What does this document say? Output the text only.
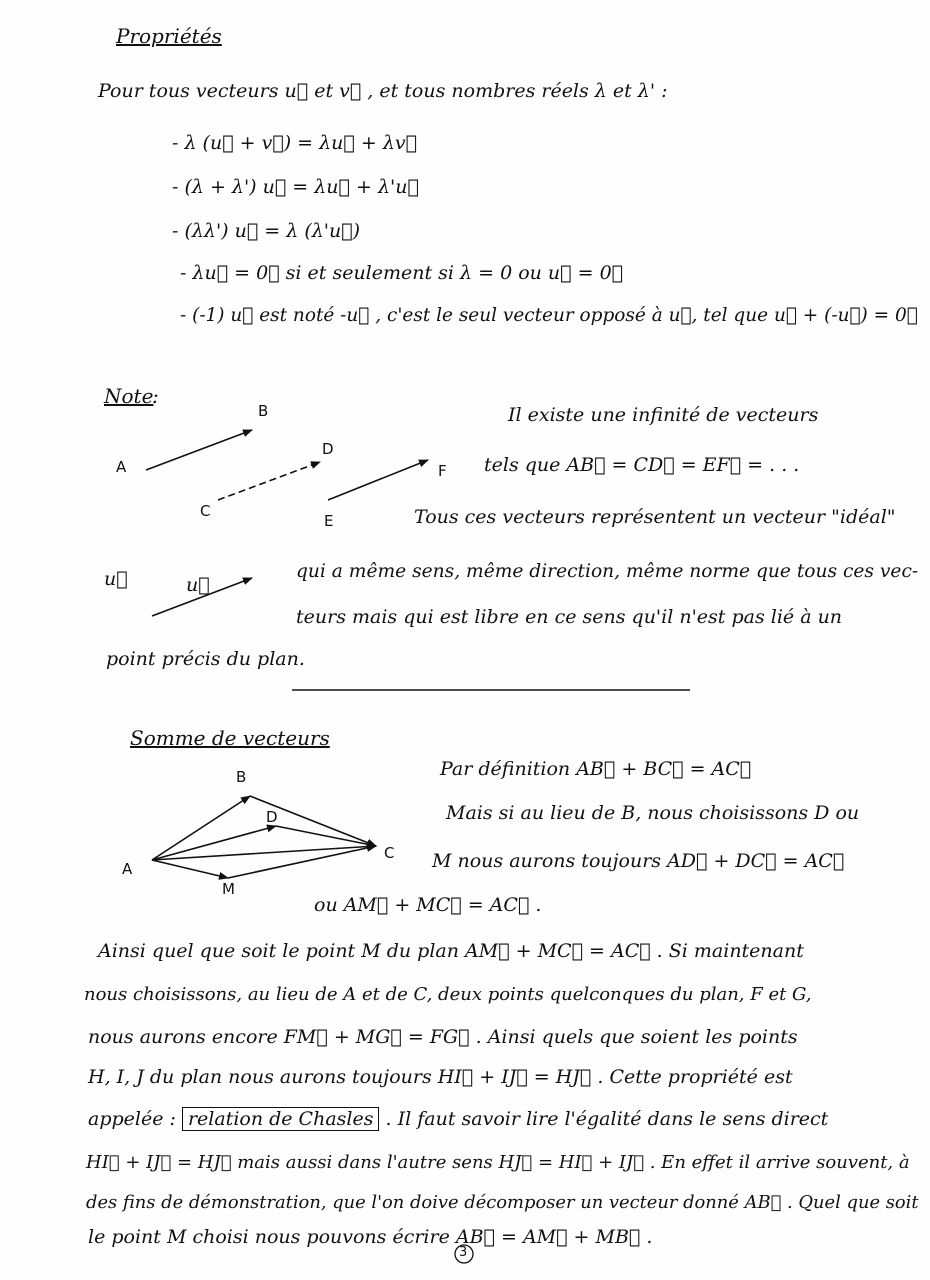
Propriétés
Pour tous vecteurs u⃗ et v⃗ , et tous nombres réels λ et λ' :
- λ (u⃗ + v⃗) = λu⃗ + λv⃗
- (λ + λ') u⃗ = λu⃗ + λ'u⃗
- (λλ') u⃗ = λ (λ'u⃗)
- λu⃗ = 0⃗ si et seulement si λ = 0 ou u⃗ = 0⃗
- (-1) u⃗ est noté -u⃗ , c'est le seul vecteur opposé à u⃗, tel que u⃗ + (-u⃗) = 0⃗
Note
:
A
B
C
D
E
F
Il existe une infinité de vecteurs
tels que AB⃗ = CD⃗ = EF⃗ = . . .
Tous ces vecteurs représentent un vecteur "idéal"
u⃗	u⃗
qui a même sens, même direction, même norme que tous ces vec-
teurs mais qui est libre en ce sens qu'il n'est pas lié à un
point précis du plan.
Somme de vecteurs
A
B
D
C
M
Par définition AB⃗ + BC⃗ = AC⃗
Mais si au lieu de B, nous choisissons D ou
M nous aurons toujours AD⃗ + DC⃗ = AC⃗
ou AM⃗ + MC⃗ = AC⃗ .
Ainsi quel que soit le point M du plan AM⃗ + MC⃗ = AC⃗ . Si maintenant
nous choisissons, au lieu de A et de C, deux points quelconques du plan, F et G,
nous aurons encore FM⃗ + MG⃗ = FG⃗ . Ainsi quels que soient les points
H, I, J du plan nous aurons toujours HI⃗ + IJ⃗ = HJ⃗ . Cette propriété est
appelée : relation de Chasles . Il faut savoir lire l'égalité dans le sens direct
HI⃗ + IJ⃗ = HJ⃗ mais aussi dans l'autre sens HJ⃗ = HI⃗ + IJ⃗ . En effet il arrive souvent, à
des fins de démonstration, que l'on doive décomposer un vecteur donné AB⃗ . Quel que soit
le point M choisi nous pouvons écrire AB⃗ = AM⃗ + MB⃗ .
3
